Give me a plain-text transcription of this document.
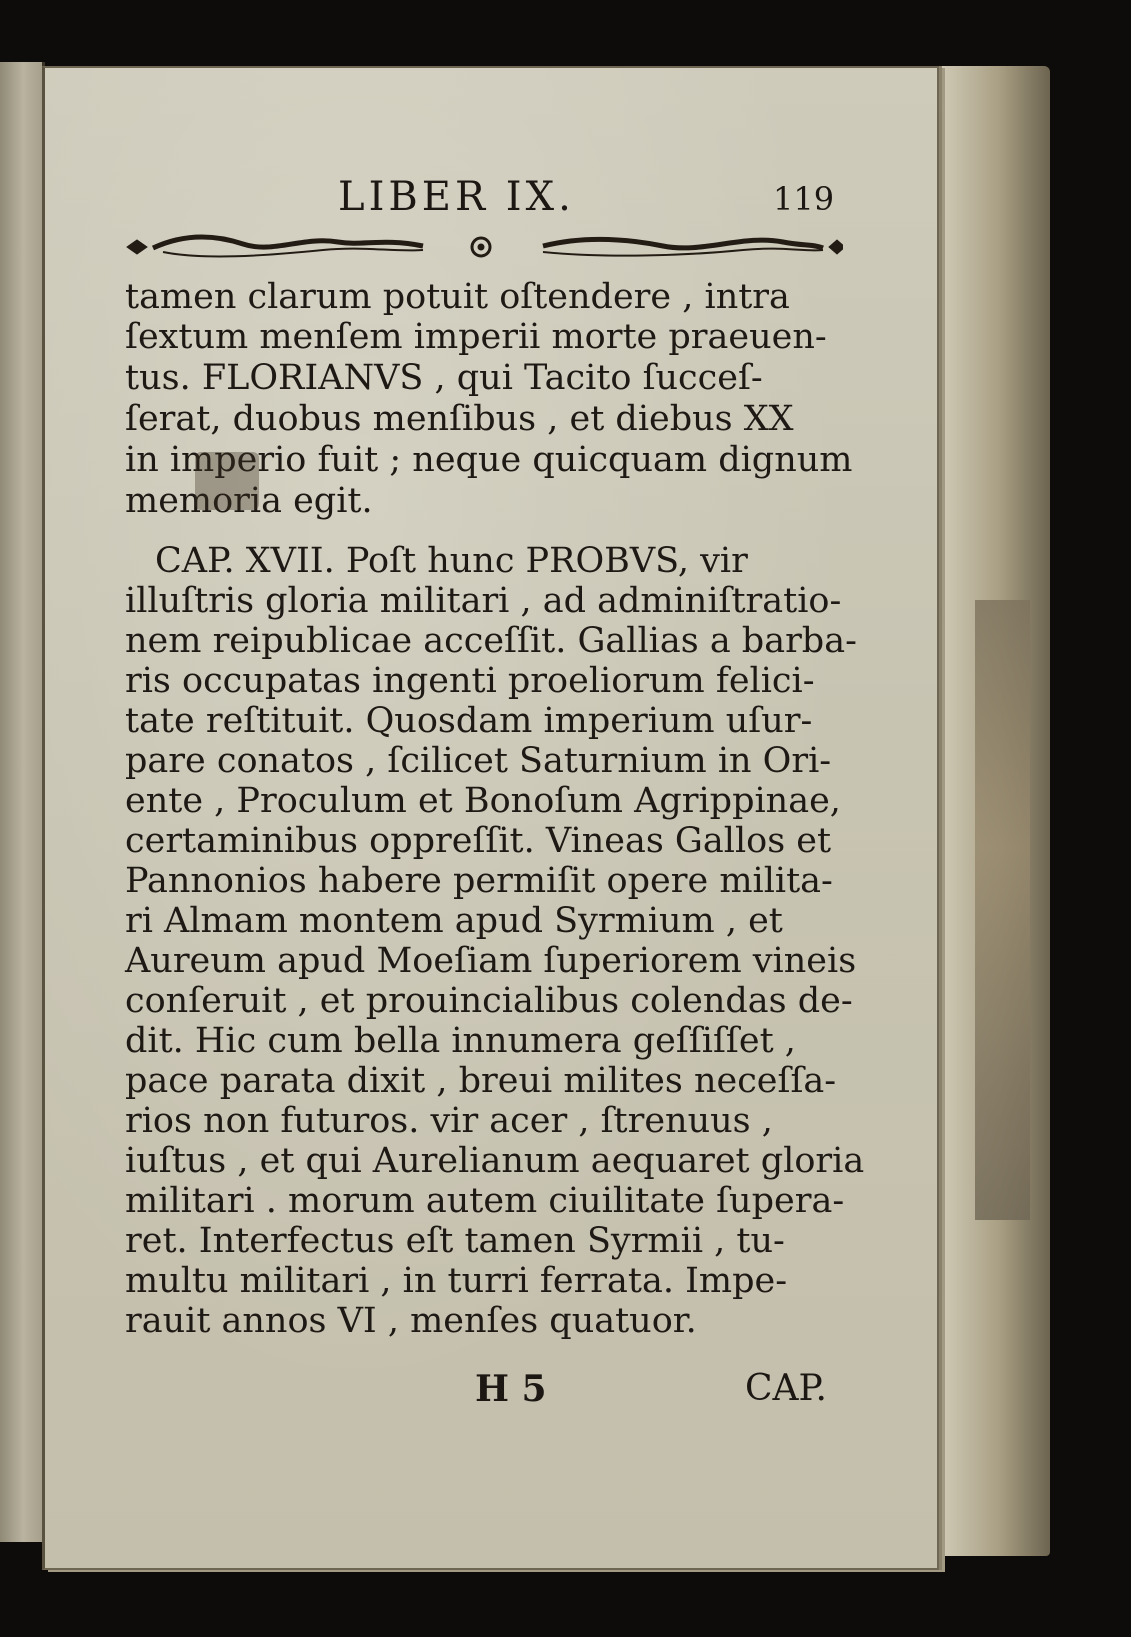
LIBER IX.	119
tamen clarum potuit oſtendere , intra
ſextum menſem imperii morte praeuen-
tus. FLORIANVS , qui Tacito ſucceſ-
ſerat, duobus menſibus , et diebus XX
in imperio fuit ; neque quicquam dignum
memoria egit.
CAP. XVII. Poſt hunc PROBVS, vir
illuſtris gloria militari , ad adminiſtratio-
nem reipublicae acceſſit. Gallias a barba-
ris occupatas ingenti proeliorum felici-
tate reſtituit. Quosdam imperium uſur-
pare conatos , ſcilicet Saturnium in Ori-
ente , Proculum et Bonoſum Agrippinae,
certaminibus oppreſſit. Vineas Gallos et
Pannonios habere permiſit opere milita-
ri Almam montem apud Syrmium , et
Aureum apud Moeſiam ſuperiorem vineis
conſeruit , et prouincialibus colendas de-
dit. Hic cum bella innumera geſſiſſet ,
pace parata dixit , breui milites neceſſa-
rios non futuros. vir acer , ſtrenuus ,
iuſtus , et qui Aurelianum aequaret gloria
militari . morum autem ciuilitate ſupera-
ret. Interfectus eſt tamen Syrmii , tu-
multu militari , in turri ferrata. Impe-
rauit annos VI , menſes quatuor.
H 5	CAP.
